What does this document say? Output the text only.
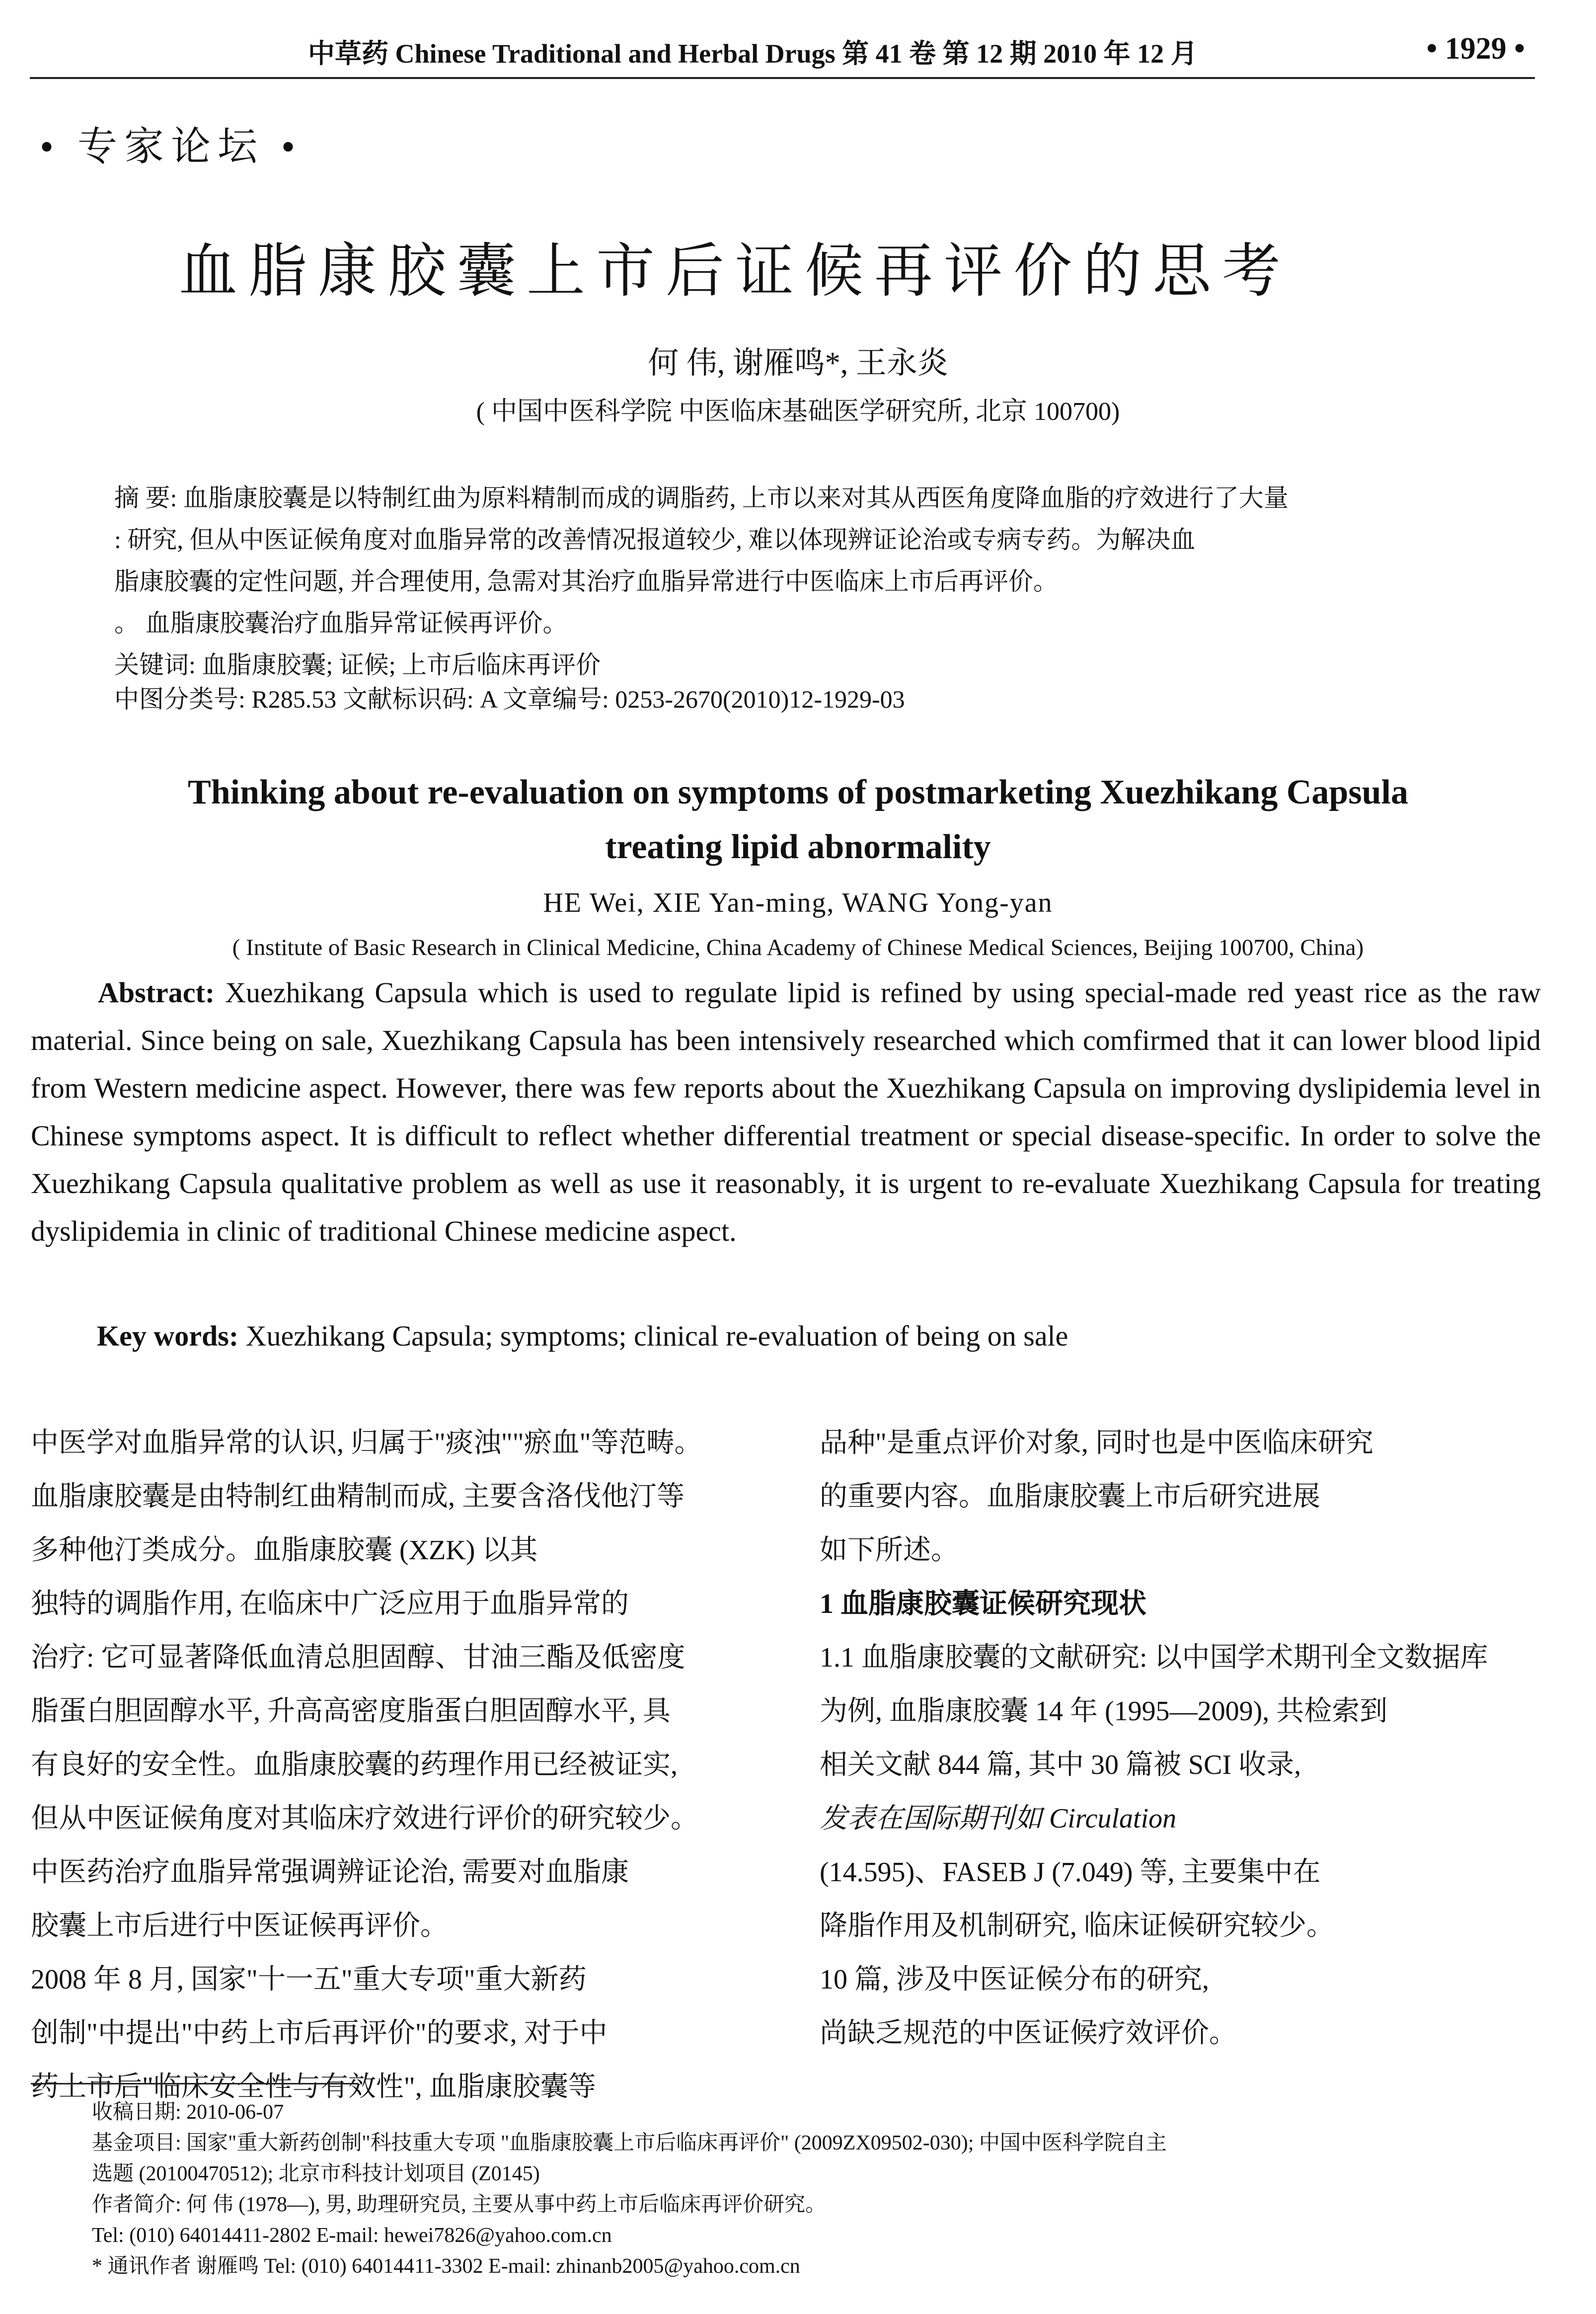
中草药 Chinese Traditional and Herbal Drugs 第 41 卷 第 12 期 2010 年 12 月	• 1929 •
• 专家论坛 •
血脂康胶囊上市后证候再评价的思考
何 伟, 谢雁鸣*, 王永炎
( 中国中医科学院 中医临床基础医学研究所, 北京 100700)
摘 要: 血脂康胶囊是以特制红曲为原料精制而成的调脂药, 上市以来对其从西医角度降血脂的疗效进行了大量
: 研究, 但从中医证候角度对血脂异常的改善情况报道较少, 难以体现辨证论治或专病专药。为解决血
脂康胶囊的定性问题, 并合理使用, 急需对其治疗血脂异常进行中医临床上市后再评价。
。 血脂康胶囊治疗血脂异常证候再评价。
关键词: 血脂康胶囊; 证候; 上市后临床再评价
中图分类号: R285.53 文献标识码: A 文章编号: 0253-2670(2010)12-1929-03
Thinking about re-evaluation on symptoms of postmarketing Xuezhikang Capsula
treating lipid abnormality
HE Wei, XIE Yan-ming, WANG Yong-yan
( Institute of Basic Research in Clinical Medicine, China Academy of Chinese Medical Sciences, Beijing 100700, China)
Abstract: Xuezhikang Capsula which is used to regulate lipid is refined by using special-made red yeast rice as the raw material. Since being on sale, Xuezhikang Capsula has been intensively researched which comfirmed that it can lower blood lipid from Western medicine aspect. However, there was few reports about the Xuezhikang Capsula on improving dyslipidemia level in Chinese symptoms aspect. It is difficult to reflect whether differential treatment or special disease-specific. In order to solve the Xuezhikang Capsula qualitative problem as well as use it reasonably, it is urgent to re-evaluate Xuezhikang Capsula for treating dyslipidemia in clinic of traditional Chinese medicine aspect.
Key words: Xuezhikang Capsula; symptoms; clinical re-evaluation of being on sale
中医学对血脂异常的认识, 归属于"痰浊""瘀血"等范畴。
血脂康胶囊是由特制红曲精制而成, 主要含洛伐他汀等
多种他汀类成分。血脂康胶囊 (XZK) 以其
独特的调脂作用, 在临床中广泛应用于血脂异常的
治疗: 它可显著降低血清总胆固醇、甘油三酯及低密度
脂蛋白胆固醇水平, 升高高密度脂蛋白胆固醇水平, 具
有良好的安全性。血脂康胶囊的药理作用已经被证实,
但从中医证候角度对其临床疗效进行评价的研究较少。
中医药治疗血脂异常强调辨证论治, 需要对血脂康
胶囊上市后进行中医证候再评价。
2008 年 8 月, 国家"十一五"重大专项"重大新药
创制"中提出"中药上市后再评价"的要求, 对于中
药上市后"临床安全性与有效性", 血脂康胶囊等
品种"是重点评价对象, 同时也是中医临床研究
的重要内容。血脂康胶囊上市后研究进展
如下所述。
1 血脂康胶囊证候研究现状
1.1 血脂康胶囊的文献研究: 以中国学术期刊全文数据库
为例, 血脂康胶囊 14 年 (1995—2009), 共检索到
相关文献 844 篇, 其中 30 篇被 SCI 收录,
发表在国际期刊如 Circulation
(14.595)、FASEB J (7.049) 等, 主要集中在
降脂作用及机制研究, 临床证候研究较少。
10 篇, 涉及中医证候分布的研究,
尚缺乏规范的中医证候疗效评价。
收稿日期: 2010-06-07
基金项目: 国家"重大新药创制"科技重大专项 "血脂康胶囊上市后临床再评价" (2009ZX09502-030); 中国中医科学院自主
选题 (20100470512); 北京市科技计划项目 (Z0145)
作者简介: 何 伟 (1978—), 男, 助理研究员, 主要从事中药上市后临床再评价研究。
Tel: (010) 64014411-2802 E-mail: hewei7826@yahoo.com.cn
* 通讯作者 谢雁鸣 Tel: (010) 64014411-3302 E-mail: zhinanb2005@yahoo.com.cn
